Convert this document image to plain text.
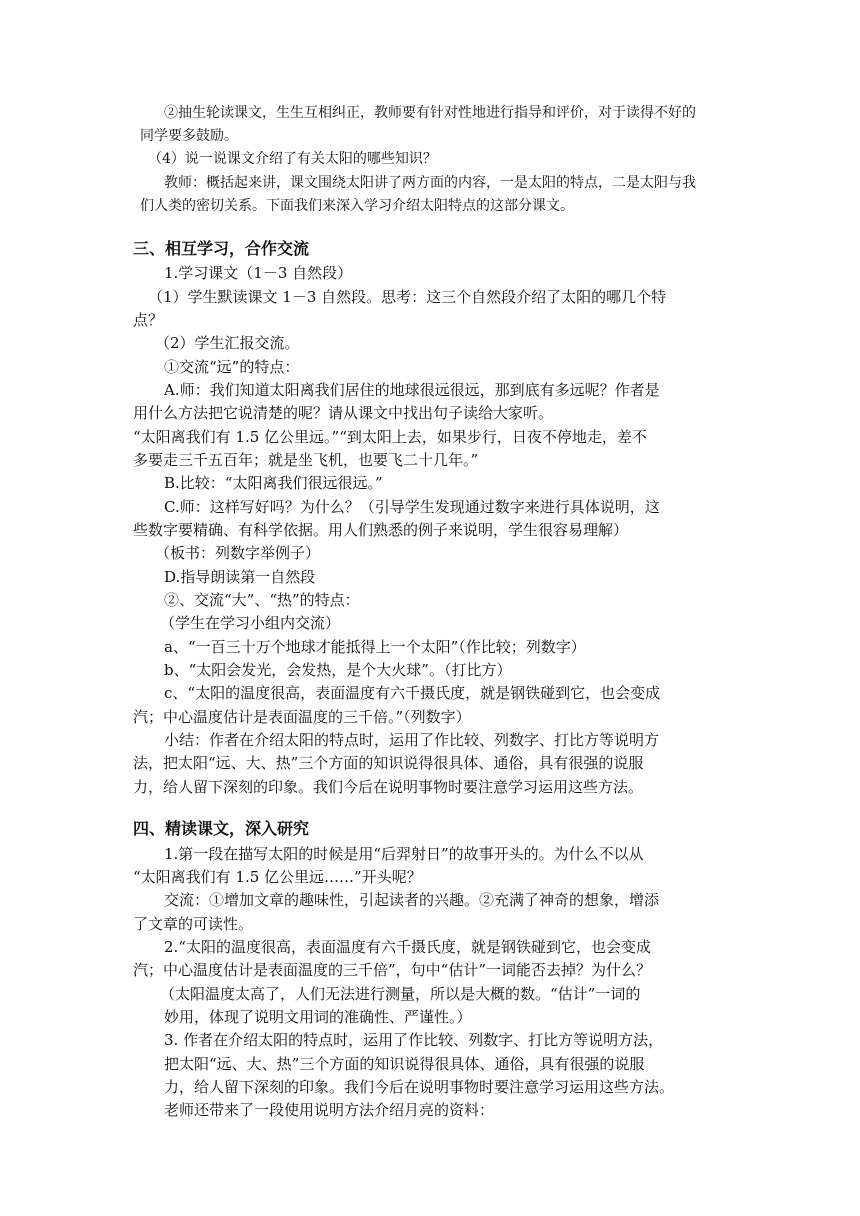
②抽生轮读课文，生生互相纠正，教师要有针对性地进行指导和评价，对于读得不好的

同学要多鼓励。

（4）说一说课文介绍了有关太阳的哪些知识？

教师：概括起来讲，课文围绕太阳讲了两方面的内容，一是太阳的特点，二是太阳与我

们人类的密切关系。下面我们来深入学习介绍太阳特点的这部分课文。

三、相互学习，合作交流

1.学习课文（1－3 自然段）

（1）学生默读课文 1－3 自然段。思考：这三个自然段介绍了太阳的哪几个特

点？

（2）学生汇报交流。

①交流“远”的特点：

A.师：我们知道太阳离我们居住的地球很远很远，那到底有多远呢？作者是

用什么方法把它说清楚的呢？请从课文中找出句子读给大家听。

“太阳离我们有 1.5 亿公里远。”“到太阳上去，如果步行，日夜不停地走，差不

多要走三千五百年；就是坐飞机，也要飞二十几年。”

B.比较：“太阳离我们很远很远。”

C.师：这样写好吗？为什么？（引导学生发现通过数字来进行具体说明，这

些数字要精确、有科学依据。用人们熟悉的例子来说明，学生很容易理解）

（板书：列数字举例子）

D.指导朗读第一自然段

②、交流“大”、“热”的特点：

（学生在学习小组内交流）

a、“一百三十万个地球才能抵得上一个太阳”（作比较；列数字）

b、“太阳会发光，会发热，是个大火球”。（打比方）

c、“太阳的温度很高，表面温度有六千摄氏度，就是钢铁碰到它，也会变成

汽；中心温度估计是表面温度的三千倍。”（列数字）

小结：作者在介绍太阳的特点时，运用了作比较、列数字、打比方等说明方

法，把太阳“远、大、热”三个方面的知识说得很具体、通俗，具有很强的说服

力，给人留下深刻的印象。我们今后在说明事物时要注意学习运用这些方法。

四、精读课文，深入研究

1.第一段在描写太阳的时候是用“后羿射日”的故事开头的。为什么不以从

“太阳离我们有 1.5 亿公里远……”开头呢？

交流：①增加文章的趣味性，引起读者的兴趣。②充满了神奇的想象，增添

了文章的可读性。

2.“太阳的温度很高，表面温度有六千摄氏度，就是钢铁碰到它，也会变成

汽；中心温度估计是表面温度的三千倍”，句中“估计”一词能否去掉？为什么？

（太阳温度太高了，人们无法进行测量，所以是大概的数。“估计”一词的

妙用，体现了说明文用词的准确性、严谨性。）

3. 作者在介绍太阳的特点时，运用了作比较、列数字、打比方等说明方法，

把太阳“远、大、热”三个方面的知识说得很具体、通俗，具有很强的说服

力，给人留下深刻的印象。我们今后在说明事物时要注意学习运用这些方法。

老师还带来了一段使用说明方法介绍月亮的资料：
